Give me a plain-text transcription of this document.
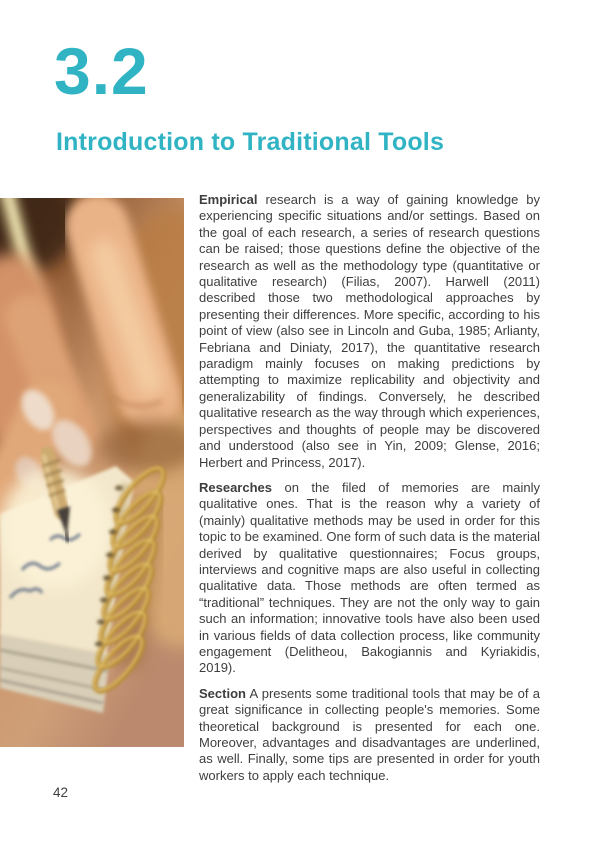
3.2
Introduction to Traditional Tools

Empirical research is a way of gaining knowledge by experiencing specific situations and/or settings. Based on the goal of each research, a series of research questions can be raised; those questions define the objective of the research as well as the methodology type (quantitative or qualitative research) (Filias, 2007). Harwell (2011) described those two methodological approaches by presenting their differences. More specific, according to his point of view (also see in Lincoln and Guba, 1985; Arlianty, Febriana and Diniaty, 2017), the quantitative research paradigm mainly focuses on making predictions by attempting to maximize replicability and objectivity and generalizability of findings. Conversely, he described qualitative research as the way through which experiences, perspectives and thoughts of people may be discovered and understood (also see in Yin, 2009; Glense, 2016; Herbert and Princess, 2017).

Researches on the filed of memories are mainly qualitative ones. That is the reason why a variety of (mainly) qualitative methods may be used in order for this topic to be examined. One form of such data is the material derived by qualitative questionnaires; Focus groups, interviews and cognitive maps are also useful in collecting qualitative data. Those methods are often termed as “traditional” techniques. They are not the only way to gain such an information; innovative tools have also been used in various fields of data collection process, like community engagement (Delitheou, Bakogiannis and Kyriakidis, 2019).

Section A presents some traditional tools that may be of a great significance in collecting people's memories. Some theoretical background is presented for each one. Moreover, advantages and disadvantages are underlined, as well. Finally, some tips are presented in order for youth workers to apply each technique.

42
